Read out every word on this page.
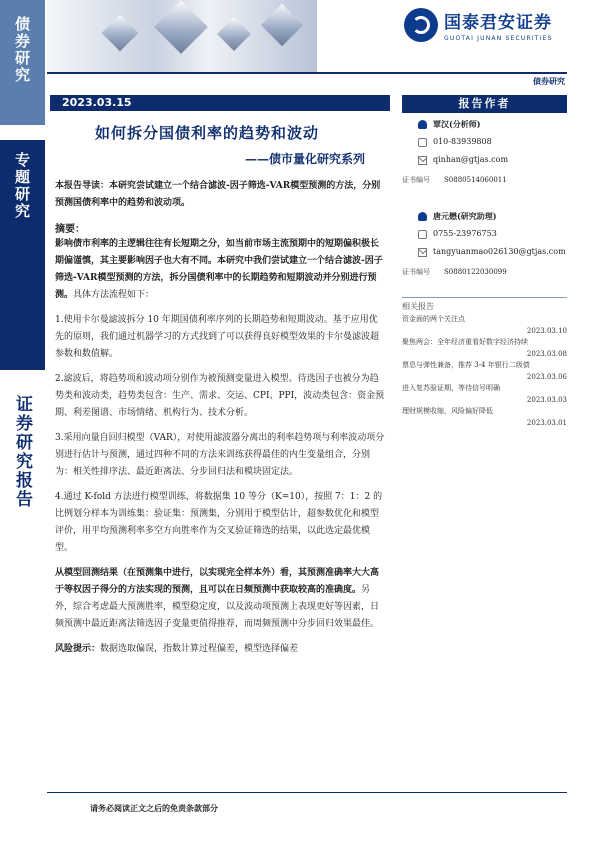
债券研究
专题研究
证券研究报告
国泰君安证券
GUOTAI JUNAN SECURITIES
债券研究
2023.03.15
如何拆分国债利率的趋势和波动
——债市量化研究系列
本报告导读：本研究尝试建立一个结合滤波-因子筛选-VAR模型预测的方法，分别预测国债利率中的趋势和波动项。
摘要：

影响债市利率的主逻辑往往有长短期之分，如当前市场主流预期中的短期偏积极长期偏谨慎，其主要影响因子也大有不同。本研究中我们尝试建立一个结合滤波-因子筛选-VAR模型预测的方法，拆分国债利率中的长期趋势和短期波动并分别进行预测。具体方法流程如下：

1.使用卡尔曼滤波拆分 10 年期国债利率序列的长期趋势和短期波动。基于应用优先的原则，我们通过机器学习的方式找到了可以获得良好模型效果的卡尔曼滤波超参数和数值解。

2.滤波后，将趋势项和波动项分别作为被预测变量进入模型。待选因子也被分为趋势类和波动类，趋势类包含：生产、需求、交运、CPI、PPI，波动类包含：资金预期、利差图谱、市场情绪、机构行为、技术分析。

3.采用向量自回归模型（VAR），对使用滤波器分离出的利率趋势项与利率波动项分别进行估计与预测，通过四种不同的方法来训练获得最佳的内生变量组合，分别为：相关性排序法、最近距离法、分步回归法和模块固定法。

4.通过 K-fold 方法进行模型训练，将数据集 10 等分（K=10），按照 7：1：2 的比例划分样本为训练集：验证集：预测集，分别用于模型估计，超参数优化和模型评价，用平均预测利率多空方向胜率作为交叉验证筛选的结果，以此选定最优模型。

从模型回测结果（在预测集中进行，以实现完全样本外）看，其预测准确率大大高于等权因子得分的方法实现的预测，且可以在日频预测中获取较高的准确度。另外，综合考虑最大预测胜率，模型稳定度，以及波动项预测上表现更好等因素，日频预测中最近距离法筛选因子变量更值得推荐，而周频预测中分步回归效果最佳。

风险提示：数据选取偏误，指数计算过程偏差，模型选择偏差

报告作者
覃汉(分析师)
010-83939808
qinhan@gtjas.com
证书编号 S0880514060011
唐元懋(研究助理)
0755-23976753
tangyuanmao026130@gtjas.com
证书编号 S0880122030099
相关报告
资金面的两个关注点
2023.03.10
聚焦两会：全年经济重看好数字经济持续
2023.03.08
票息与弹性兼备，推荐 3-4 年银行二级债
2023.03.06
进入复苏验证期，等待信号明确
2023.03.03
理财规模收缩，风险偏好降低
2023.03.01
请务必阅读正文之后的免责条款部分
